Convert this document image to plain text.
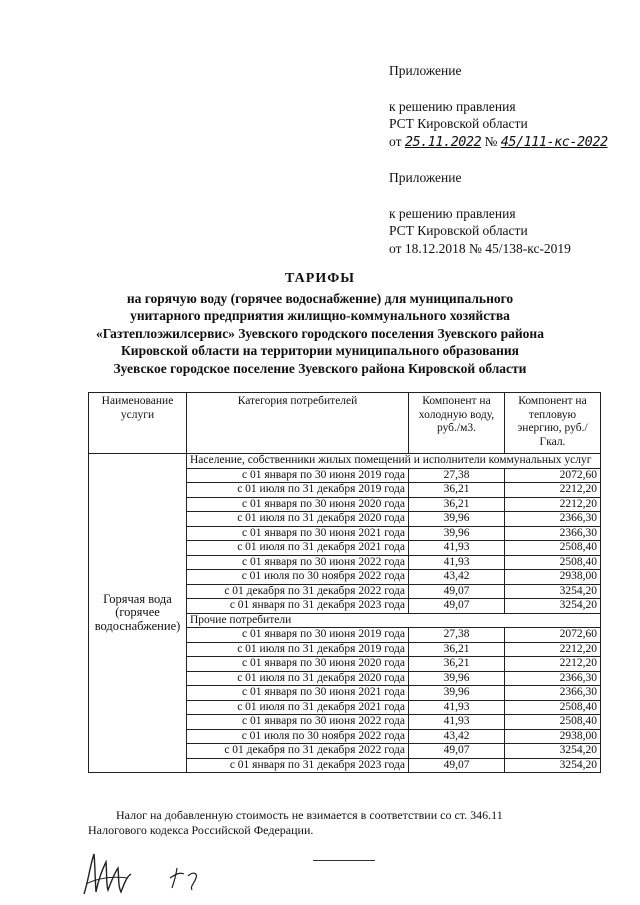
Приложение
к решению правления
РСТ Кировской области
от 25.11.2022 № 45/111-кс-2022
Приложение
к решению правления
РСТ Кировской области
от 18.12.2018 № 45/138-кс-2019
ТАРИФЫ
на горячую воду (горячее водоснабжение) для муниципального
унитарного предприятия жилищно-коммунального хозяйства
«Газтеплоэжилсервис» Зуевского городского поселения Зуевского района
Кировской области на территории муниципального образования
Зуевское городское поселение Зуевского района Кировской области
Наименование услуги	Категория потребителей	Компонент на холодную воду, руб./м3.	Компонент на тепловую энергию, руб./Гкал.
Горячая вода (горячее водоснабжение)	Население, собственники жилых помещений и исполнители коммунальных услуг		
	с 01 января по 30 июня 2019 года	27,38	2072,60
	с 01 июля по 31 декабря 2019 года	36,21	2212,20
	с 01 января по 30 июня 2020 года	36,21	2212,20
	с 01 июля по 31 декабря 2020 года	39,96	2366,30
	с 01 января по 30 июня 2021 года	39,96	2366,30
	с 01 июля по 31 декабря 2021 года	41,93	2508,40
	с 01 января по 30 июня 2022 года	41,93	2508,40
	с 01 июля по 30 ноября 2022 года	43,42	2938,00
	с 01 декабря по 31 декабря 2022 года	49,07	3254,20
	с 01 января по 31 декабря 2023 года	49,07	3254,20
	Прочие потребители		
	с 01 января по 30 июня 2019 года	27,38	2072,60
	с 01 июля по 31 декабря 2019 года	36,21	2212,20
	с 01 января по 30 июня 2020 года	36,21	2212,20
	с 01 июля по 31 декабря 2020 года	39,96	2366,30
	с 01 января по 30 июня 2021 года	39,96	2366,30
	с 01 июля по 31 декабря 2021 года	41,93	2508,40
	с 01 января по 30 июня 2022 года	41,93	2508,40
	с 01 июля по 30 ноября 2022 года	43,42	2938,00
	с 01 декабря по 31 декабря 2022 года	49,07	3254,20
	с 01 января по 31 декабря 2023 года	49,07	3254,20
Налог на добавленную стоимость не взимается в соответствии со ст. 346.11
Налогового кодекса Российской Федерации.
